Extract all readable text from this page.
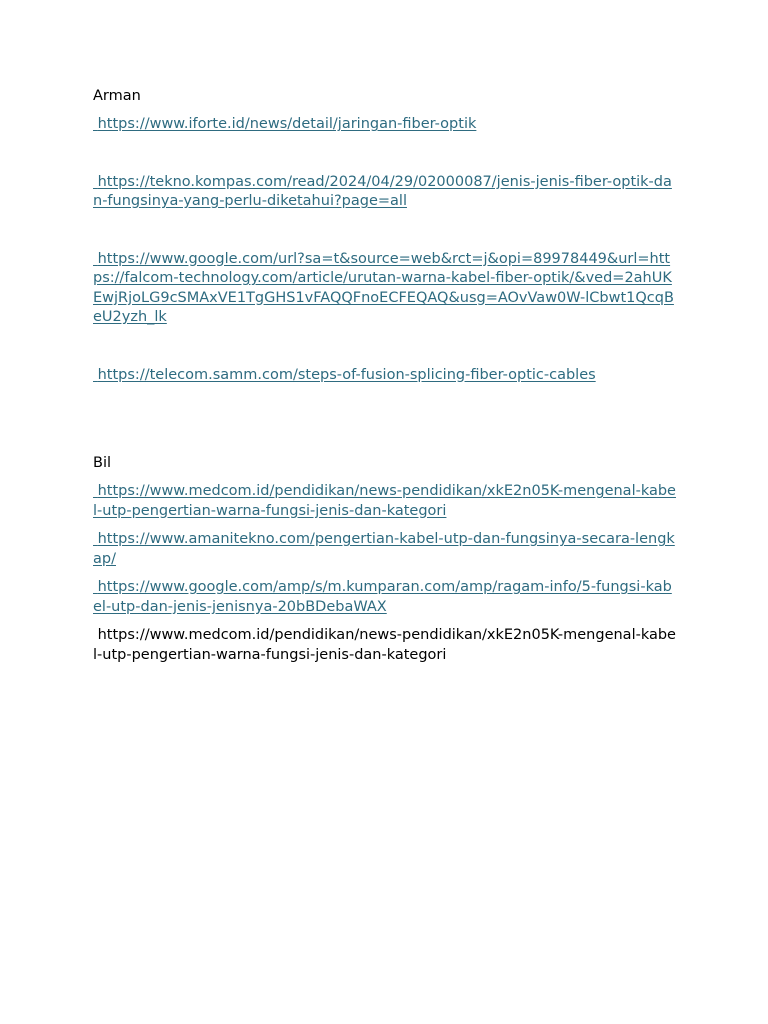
Arman

https://www.iforte.id/news/detail/jaringan-fiber-optik
https://tekno.kompas.com/read/2024/04/29/02000087/jenis-jenis-fiber-optik-dan-fungsinya-yang-perlu-diketahui?page=all
https://www.google.com/url?sa=t&source=web&rct=j&opi=89978449&url=https://falcom-technology.com/article/urutan-warna-kabel-fiber-optik/&ved=2ahUKEwjRjoLG9cSMAxVE1TgGHS1vFAQQFnoECFEQAQ&usg=AOvVaw0W-lCbwt1QcqBeU2yzh_lk
https://telecom.samm.com/steps-of-fusion-splicing-fiber-optic-cables

Bil

https://www.medcom.id/pendidikan/news-pendidikan/xkE2n05K-mengenal-kabel-utp-pengertian-warna-fungsi-jenis-dan-kategori
https://www.amanitekno.com/pengertian-kabel-utp-dan-fungsinya-secara-lengkap/
https://www.google.com/amp/s/m.kumparan.com/amp/ragam-info/5-fungsi-kabel-utp-dan-jenis-jenisnya-20bBDebaWAX
https://www.medcom.id/pendidikan/news-pendidikan/xkE2n05K-mengenal-kabel-utp-pengertian-warna-fungsi-jenis-dan-kategori
